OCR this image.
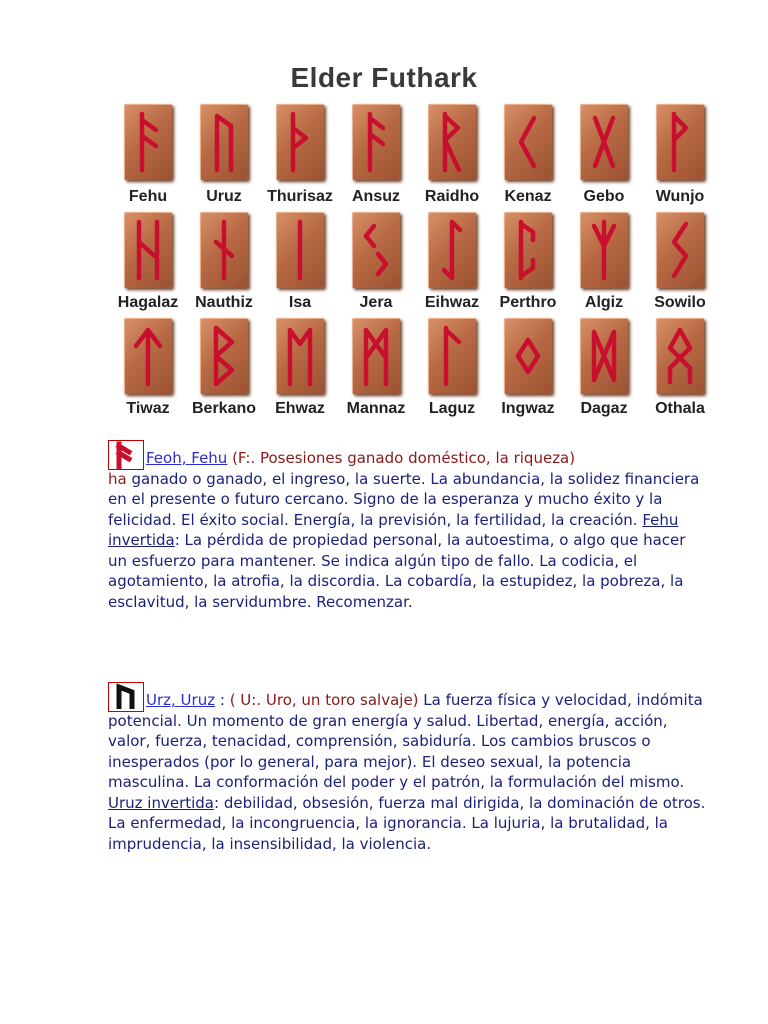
Elder Futhark
Fehu	Uruz	Thurisaz	Ansuz	Raidho	Kenaz	Gebo	Wunjo
Hagalaz	Nauthiz	Isa	Jera	Eihwaz	Perthro	Algiz	Sowilo
Tiwaz	Berkano	Ehwaz	Mannaz	Laguz	Ingwaz	Dagaz	Othala

Feoh, Fehu (F:. Posesiones ganado doméstico, la riqueza)
ha ganado o ganado, el ingreso, la suerte. La abundancia, la solidez financiera en el presente o futuro cercano. Signo de la esperanza y mucho éxito y la felicidad. El éxito social. Energía, la previsión, la fertilidad, la creación. Fehu invertida: La pérdida de propiedad personal, la autoestima, o algo que hacer un esfuerzo para mantener. Se indica algún tipo de fallo. La codicia, el agotamiento, la atrofia, la discordia. La cobardía, la estupidez, la pobreza, la esclavitud, la servidumbre. Recomenzar.

Urz, Uruz : ( U:. Uro, un toro salvaje) La fuerza física y velocidad, indómita potencial. Un momento de gran energía y salud. Libertad, energía, acción, valor, fuerza, tenacidad, comprensión, sabiduría. Los cambios bruscos o inesperados (por lo general, para mejor). El deseo sexual, la potencia masculina. La conformación del poder y el patrón, la formulación del mismo. Uruz invertida: debilidad, obsesión, fuerza mal dirigida, la dominación de otros. La enfermedad, la incongruencia, la ignorancia. La lujuria, la brutalidad, la imprudencia, la insensibilidad, la violencia.
